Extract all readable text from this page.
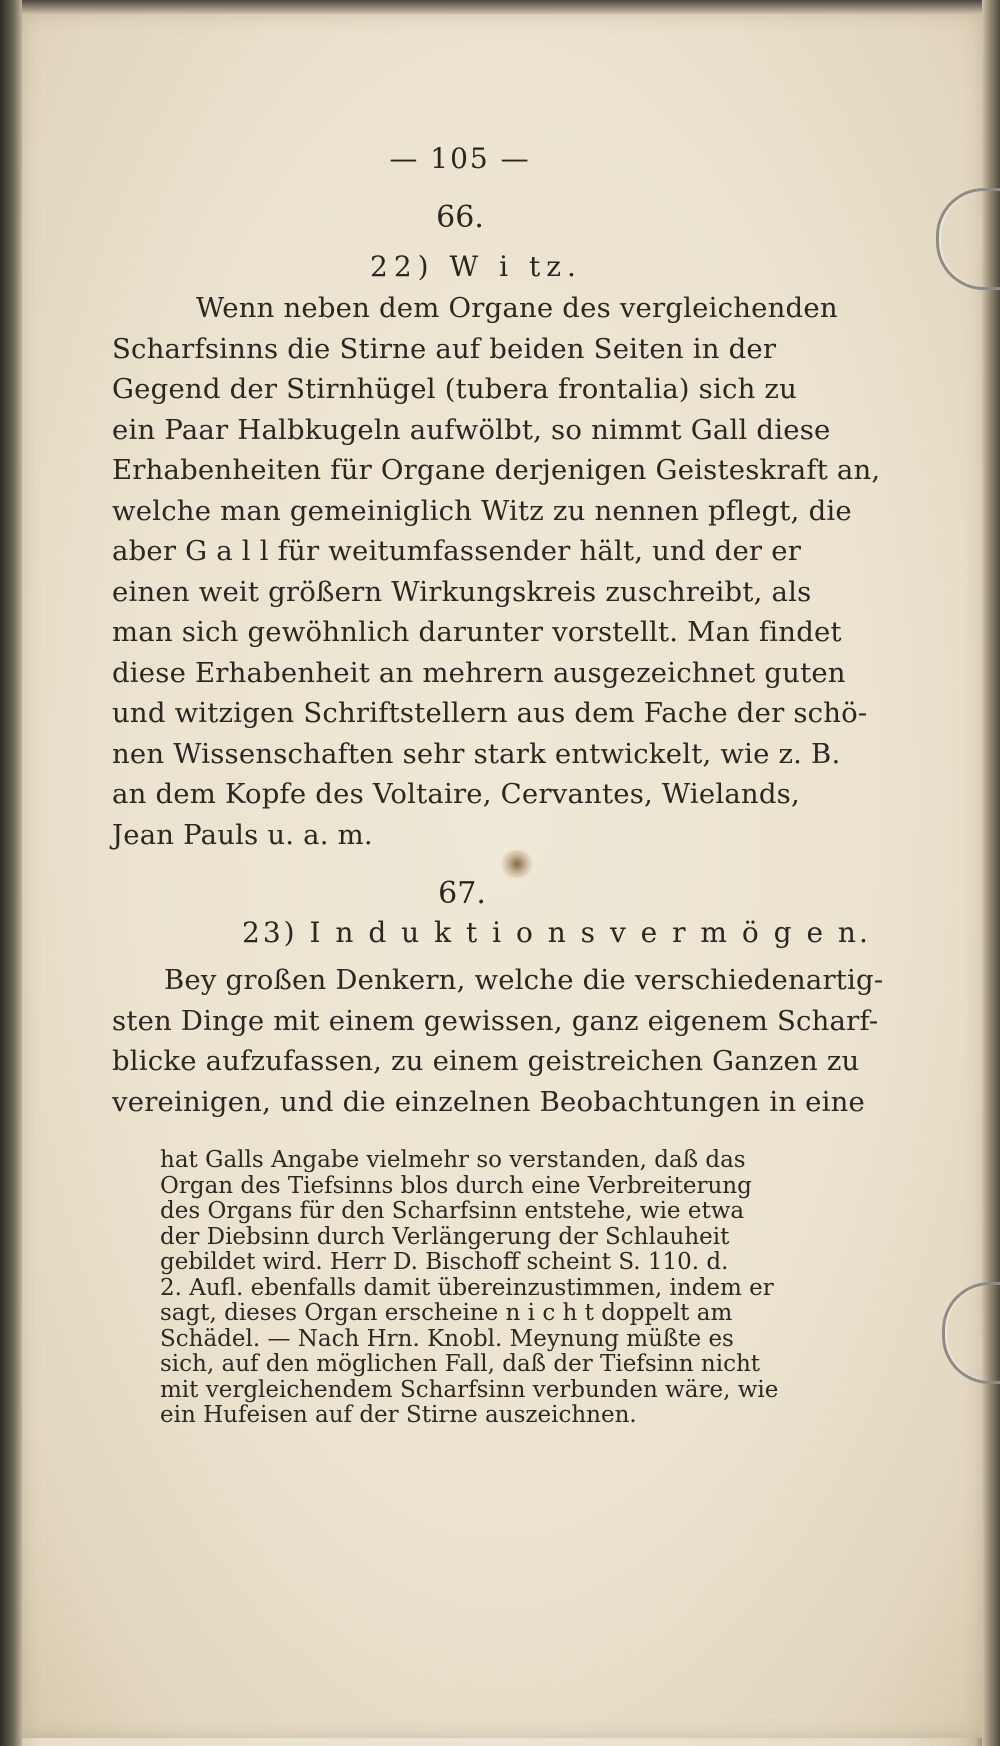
— 105 —
66.
22) W i tz.

Wenn neben dem Organe des vergleichenden
Scharfsinns die Stirne auf beiden Seiten in der
Gegend der Stirnhügel (tubera frontalia) sich zu
ein Paar Halbkugeln aufwölbt, so nimmt Gall diese
Erhabenheiten für Organe derjenigen Geisteskraft an,
welche man gemeiniglich Witz zu nennen pflegt, die
aber G a l l für weitumfassender hält, und der er
einen weit größern Wirkungskreis zuschreibt, als
man sich gewöhnlich darunter vorstellt. Man findet
diese Erhabenheit an mehrern ausgezeichnet guten
und witzigen Schriftstellern aus dem Fache der schö-
nen Wissenschaften sehr stark entwickelt, wie z. B.
an dem Kopfe des Voltaire, Cervantes, Wielands,
Jean Pauls u. a. m.

67.
23) I n d u k t i o n s v e r m ö g e n.

Bey großen Denkern, welche die verschiedenartig-
sten Dinge mit einem gewissen, ganz eigenem Scharf-
blicke aufzufassen, zu einem geistreichen Ganzen zu
vereinigen, und die einzelnen Beobachtungen in eine

hat Galls Angabe vielmehr so verstanden, daß das
Organ des Tiefsinns blos durch eine Verbreiterung
des Organs für den Scharfsinn entstehe, wie etwa
der Diebsinn durch Verlängerung der Schlauheit
gebildet wird. Herr D. Bischoff scheint S. 110. d.
2. Aufl. ebenfalls damit übereinzustimmen, indem er
sagt, dieses Organ erscheine n i c h t doppelt am
Schädel. — Nach Hrn. Knobl. Meynung müßte es
sich, auf den möglichen Fall, daß der Tiefsinn nicht
mit vergleichendem Scharfsinn verbunden wäre, wie
ein Hufeisen auf der Stirne auszeichnen.
